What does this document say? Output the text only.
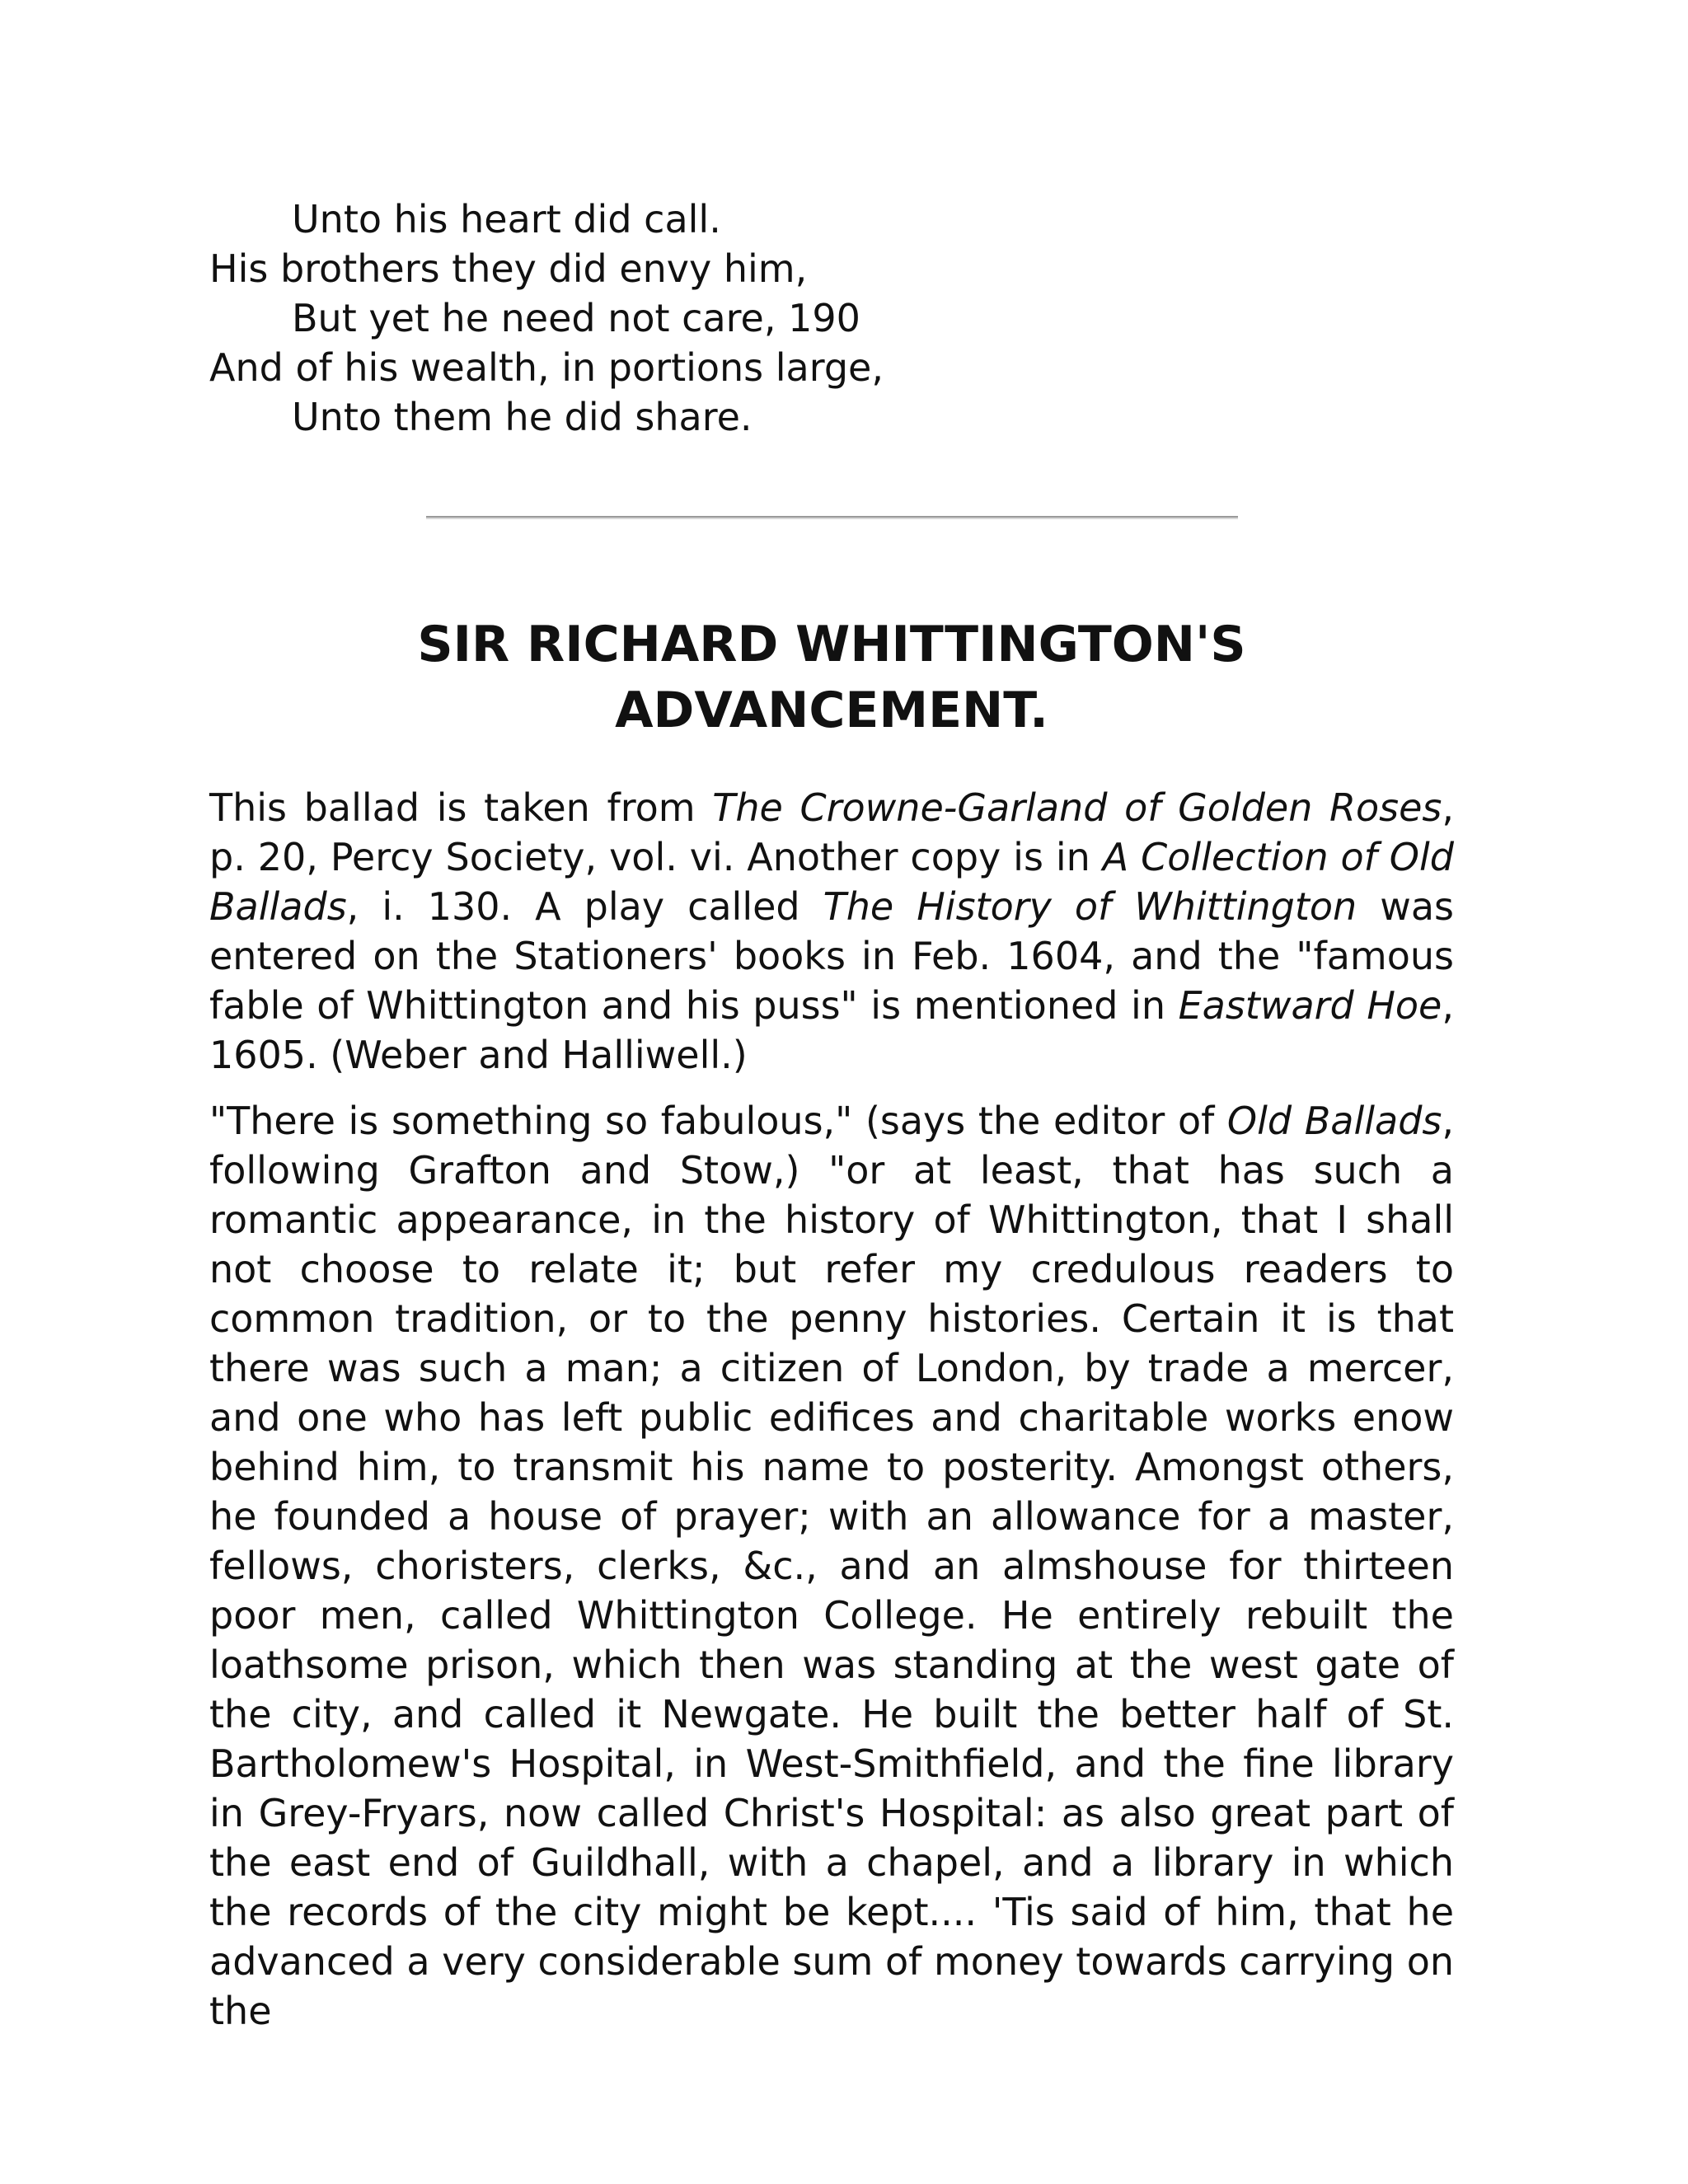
Unto his heart did call.
His brothers they did envy him,
But yet he need not care, 190
And of his wealth, in portions large,
Unto them he did share.
SIR RICHARD WHITTINGTON'S
ADVANCEMENT.

This ballad is taken from The Crowne-Garland of Golden Roses, p. 20, Percy Society, vol. vi. Another copy is in A Collection of Old Ballads, i. 130. A play called The History of Whittington was entered on the Stationers' books in Feb. 1604, and the "famous fable of Whittington and his puss" is mentioned in Eastward Hoe, 1605. (Weber and Halliwell.)

"There is something so fabulous," (says the editor of Old Ballads, following Grafton and Stow,) "or at least, that has such a romantic appearance, in the history of Whittington, that I shall not choose to relate it; but refer my credulous readers to common tradition, or to the penny histories. Certain it is that there was such a man; a citizen of London, by trade a mercer, and one who has left public edifices and charitable works enow behind him, to transmit his name to posterity. Amongst others, he founded a house of prayer; with an allowance for a master, fellows, choristers, clerks, &c., and an almshouse for thirteen poor men, called Whittington College. He entirely rebuilt the loathsome prison, which then was standing at the west gate of the city, and called it Newgate. He built the better half of St. Bartholomew's Hospital, in West-Smithfield, and the fine library in Grey-Fryars, now called Christ's Hospital: as also great part of the east end of Guildhall, with a chapel, and a library in which the records of the city might be kept.... 'Tis said of him, that he advanced a very considerable sum of money towards carrying on the
